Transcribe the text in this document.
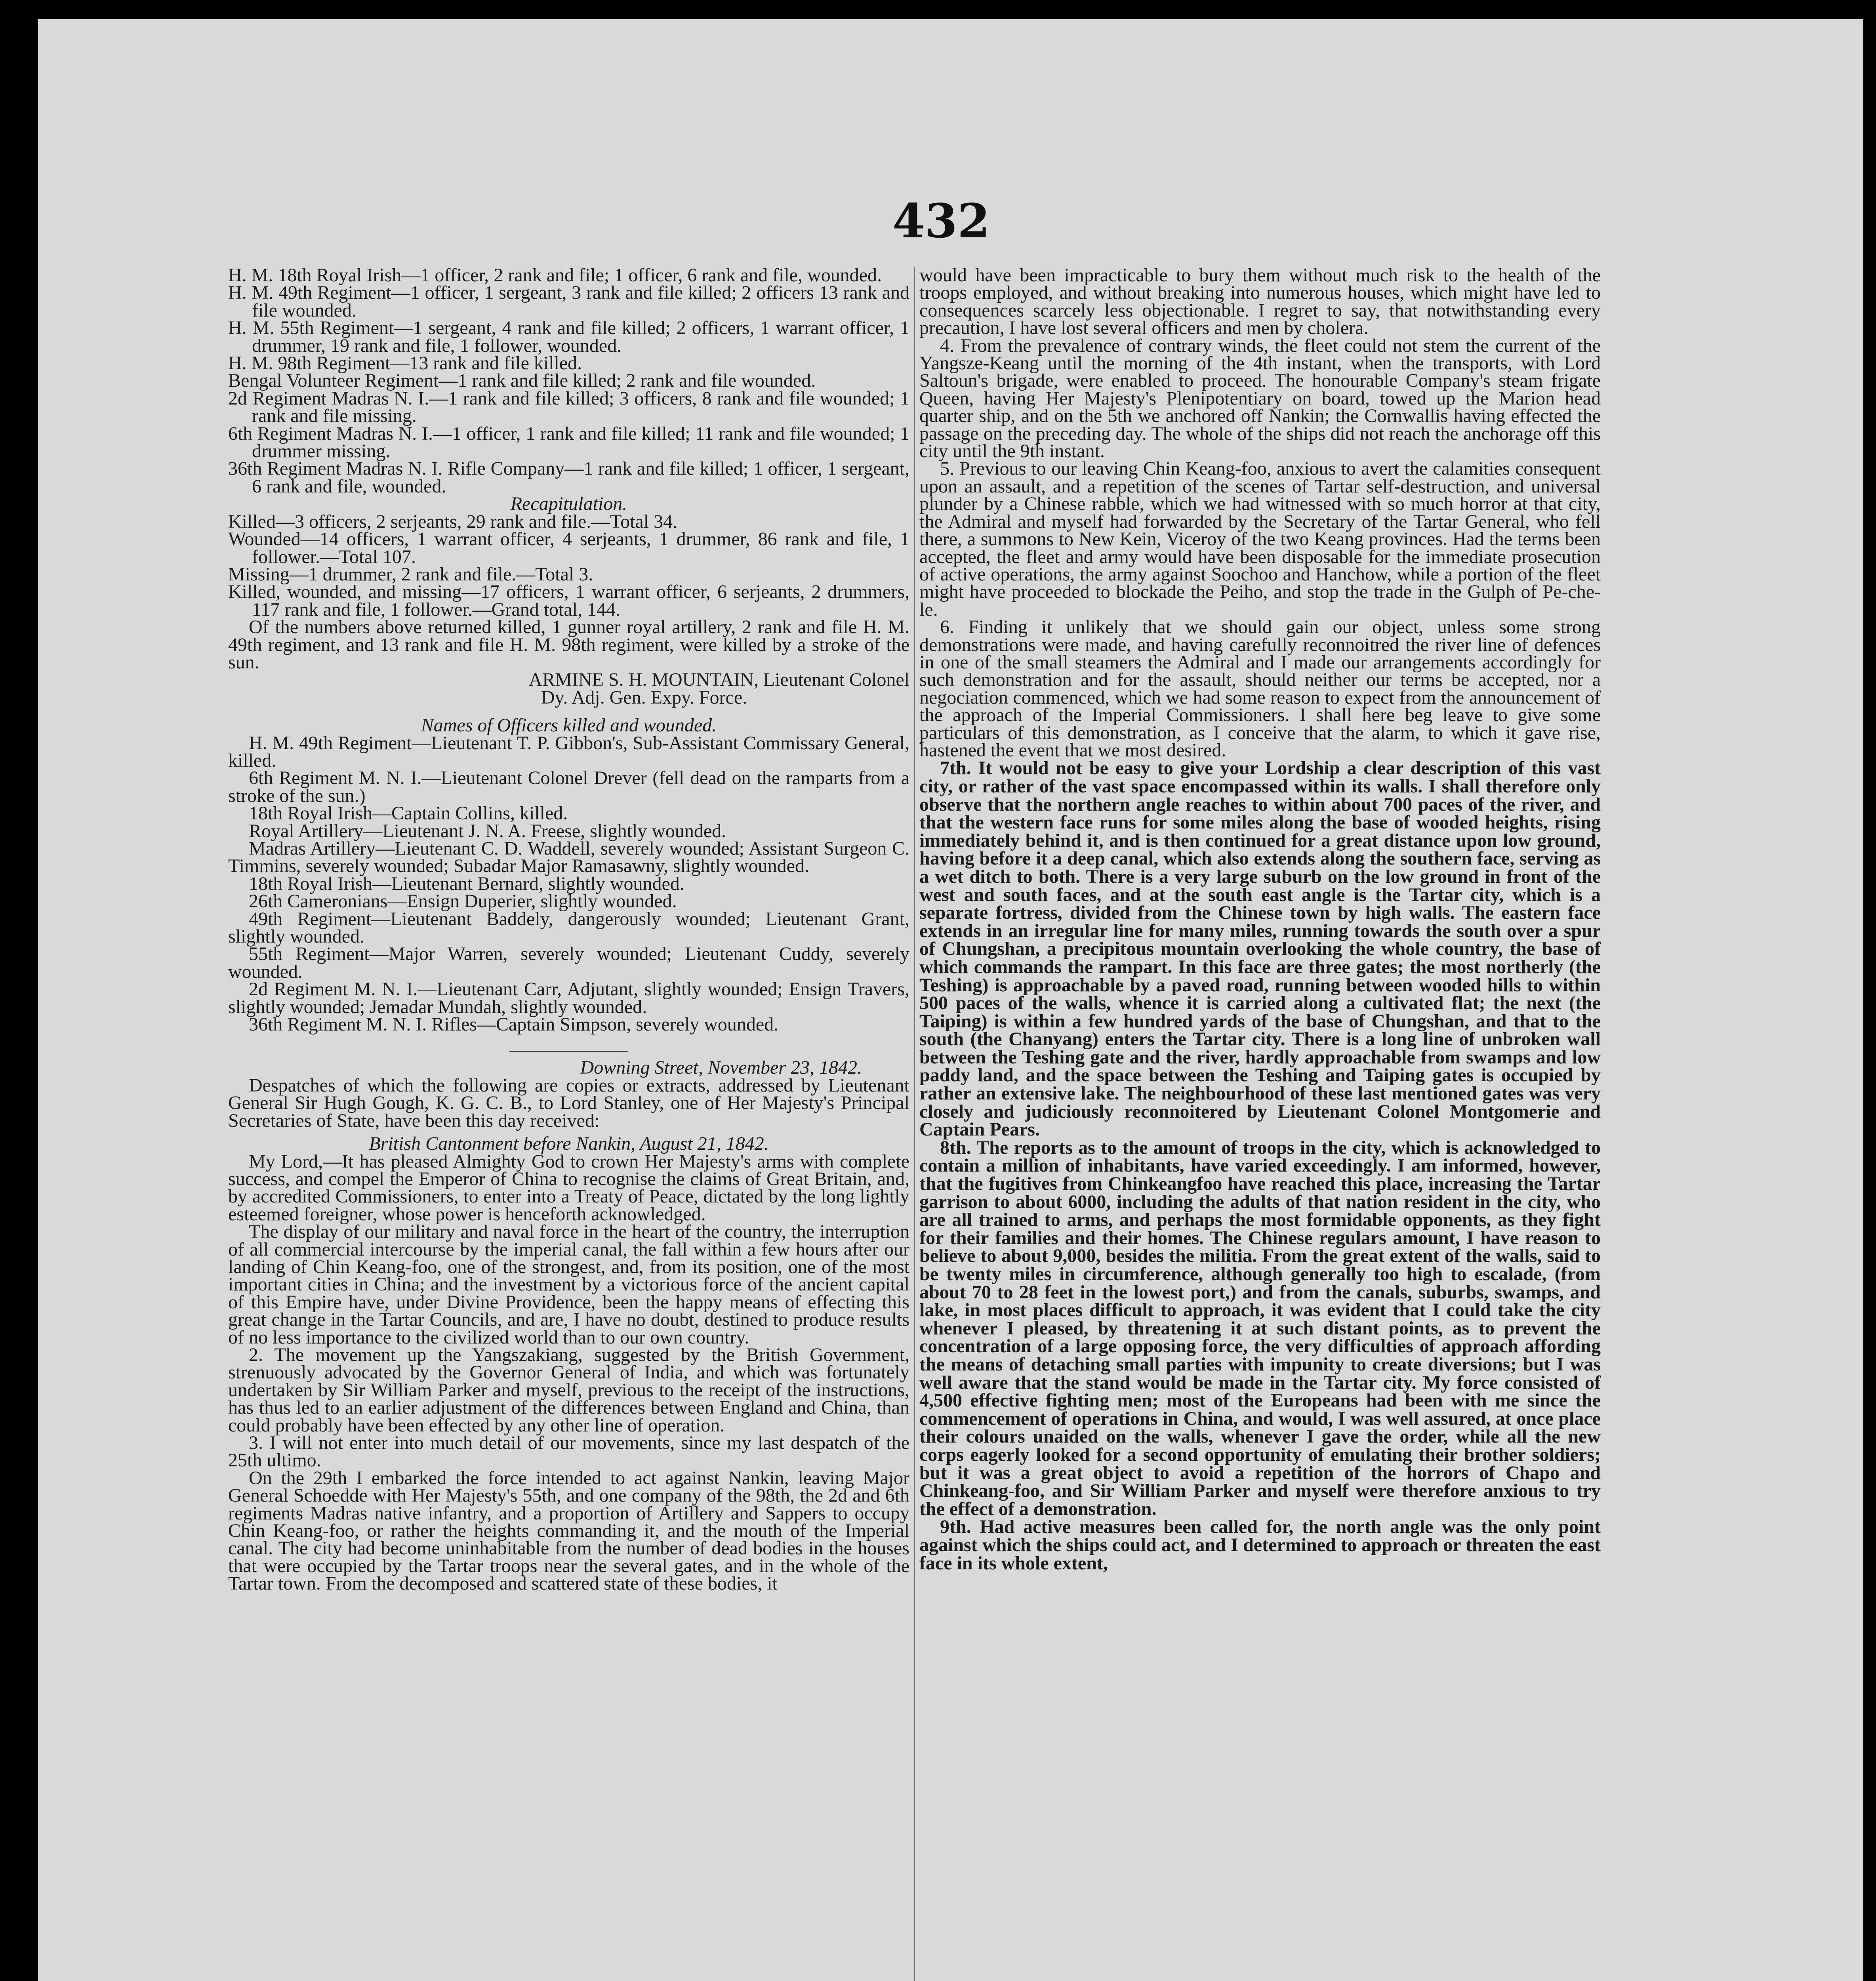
432

H. M. 18th Royal Irish—1 officer, 2 rank and file; 1 officer, 6 rank and file, wounded.

H. M. 49th Regiment—1 officer, 1 sergeant, 3 rank and file killed; 2 officers 13 rank and file wounded.

H. M. 55th Regiment—1 sergeant, 4 rank and file killed; 2 officers, 1 warrant officer, 1 drummer, 19 rank and file, 1 follower, wounded.

H. M. 98th Regiment—13 rank and file killed.

Bengal Volunteer Regiment—1 rank and file killed; 2 rank and file wounded.

2d Regiment Madras N. I.—1 rank and file killed; 3 officers, 8 rank and file wounded; 1 rank and file missing.

6th Regiment Madras N. I.—1 officer, 1 rank and file killed; 11 rank and file wounded; 1 drummer missing.

36th Regiment Madras N. I. Rifle Company—1 rank and file killed; 1 officer, 1 sergeant, 6 rank and file, wounded.

Recapitulation.

Killed—3 officers, 2 serjeants, 29 rank and file.—Total 34.

Wounded—14 officers, 1 warrant officer, 4 serjeants, 1 drummer, 86 rank and file, 1 follower.—Total 107.

Missing—1 drummer, 2 rank and file.—Total 3.

Killed, wounded, and missing—17 officers, 1 warrant officer, 6 serjeants, 2 drummers, 117 rank and file, 1 follower.—Grand total, 144.

Of the numbers above returned killed, 1 gunner royal artillery, 2 rank and file H. M. 49th regiment, and 13 rank and file H. M. 98th regiment, were killed by a stroke of the sun.

ARMINE S. H. MOUNTAIN, Lieutenant Colonel

Dy. Adj. Gen. Expy. Force.

Names of Officers killed and wounded.

H. M. 49th Regiment—Lieutenant T. P. Gibbon's, Sub-Assistant Commissary General, killed.

6th Regiment M. N. I.—Lieutenant Colonel Drever (fell dead on the ramparts from a stroke of the sun.)

18th Royal Irish—Captain Collins, killed.

Royal Artillery—Lieutenant J. N. A. Freese, slightly wounded.

Madras Artillery—Lieutenant C. D. Waddell, severely wounded; Assistant Surgeon C. Timmins, severely wounded; Subadar Major Ramasawny, slightly wounded.

18th Royal Irish—Lieutenant Bernard, slightly wounded.

26th Cameronians—Ensign Duperier, slightly wounded.

49th Regiment—Lieutenant Baddely, dangerously wounded; Lieutenant Grant, slightly wounded.

55th Regiment—Major Warren, severely wounded; Lieutenant Cuddy, severely wounded.

2d Regiment M. N. I.—Lieutenant Carr, Adjutant, slightly wounded; Ensign Travers, slightly wounded; Jemadar Mundah, slightly wounded.

36th Regiment M. N. I. Rifles—Captain Simpson, severely wounded.

Downing Street, November 23, 1842.

Despatches of which the following are copies or extracts, addressed by Lieutenant General Sir Hugh Gough, K. G. C. B., to Lord Stanley, one of Her Majesty's Principal Secretaries of State, have been this day received:

British Cantonment before Nankin, August 21, 1842.

My Lord,—It has pleased Almighty God to crown Her Majesty's arms with complete success, and compel the Emperor of China to recognise the claims of Great Britain, and, by accredited Commissioners, to enter into a Treaty of Peace, dictated by the long lightly esteemed foreigner, whose power is henceforth acknowledged.

The display of our military and naval force in the heart of the country, the interruption of all commercial intercourse by the imperial canal, the fall within a few hours after our landing of Chin Keang-foo, one of the strongest, and, from its position, one of the most important cities in China; and the investment by a victorious force of the ancient capital of this Empire have, under Divine Providence, been the happy means of effecting this great change in the Tartar Councils, and are, I have no doubt, destined to produce results of no less importance to the civilized world than to our own country.

2. The movement up the Yangszakiang, suggested by the British Government, strenuously advocated by the Governor General of India, and which was fortunately undertaken by Sir William Parker and myself, previous to the receipt of the instructions, has thus led to an earlier adjustment of the differences between England and China, than could probably have been effected by any other line of operation.

3. I will not enter into much detail of our movements, since my last despatch of the 25th ultimo.

On the 29th I embarked the force intended to act against Nankin, leaving Major General Schoedde with Her Majesty's 55th, and one company of the 98th, the 2d and 6th regiments Madras native infantry, and a proportion of Artillery and Sappers to occupy Chin Keang-foo, or rather the heights commanding it, and the mouth of the Imperial canal. The city had become uninhabitable from the number of dead bodies in the houses that were occupied by the Tartar troops near the several gates, and in the whole of the Tartar town. From the decomposed and scattered state of these bodies, it

would have been impracticable to bury them without much risk to the health of the troops employed, and without breaking into numerous houses, which might have led to consequences scarcely less objectionable. I regret to say, that notwithstanding every precaution, I have lost several officers and men by cholera.

4. From the prevalence of contrary winds, the fleet could not stem the current of the Yangsze-Keang until the morning of the 4th instant, when the transports, with Lord Saltoun's brigade, were enabled to proceed. The honourable Company's steam frigate Queen, having Her Majesty's Plenipotentiary on board, towed up the Marion head quarter ship, and on the 5th we anchored off Nankin; the Cornwallis having effected the passage on the preceding day. The whole of the ships did not reach the anchorage off this city until the 9th instant.

5. Previous to our leaving Chin Keang-foo, anxious to avert the calamities consequent upon an assault, and a repetition of the scenes of Tartar self-destruction, and universal plunder by a Chinese rabble, which we had witnessed with so much horror at that city, the Admiral and myself had forwarded by the Secretary of the Tartar General, who fell there, a summons to New Kein, Viceroy of the two Keang provinces. Had the terms been accepted, the fleet and army would have been disposable for the immediate prosecution of active operations, the army against Soochoo and Hanchow, while a portion of the fleet might have proceeded to blockade the Peiho, and stop the trade in the Gulph of Pe-che-le.

6. Finding it unlikely that we should gain our object, unless some strong demonstrations were made, and having carefully reconnoitred the river line of defences in one of the small steamers the Admiral and I made our arrangements accordingly for such demonstration and for the assault, should neither our terms be accepted, nor a negociation commenced, which we had some reason to expect from the announcement of the approach of the Imperial Commissioners. I shall here beg leave to give some particulars of this demonstration, as I conceive that the alarm, to which it gave rise, hastened the event that we most desired.

7th. It would not be easy to give your Lordship a clear description of this vast city, or rather of the vast space encompassed within its walls. I shall therefore only observe that the northern angle reaches to within about 700 paces of the river, and that the western face runs for some miles along the base of wooded heights, rising immediately behind it, and is then continued for a great distance upon low ground, having before it a deep canal, which also extends along the southern face, serving as a wet ditch to both. There is a very large suburb on the low ground in front of the west and south faces, and at the south east angle is the Tartar city, which is a separate fortress, divided from the Chinese town by high walls. The eastern face extends in an irregular line for many miles, running towards the south over a spur of Chungshan, a precipitous mountain overlooking the whole country, the base of which commands the rampart. In this face are three gates; the most northerly (the Teshing) is approachable by a paved road, running between wooded hills to within 500 paces of the walls, whence it is carried along a cultivated flat; the next (the Taiping) is within a few hundred yards of the base of Chungshan, and that to the south (the Chanyang) enters the Tartar city. There is a long line of unbroken wall between the Teshing gate and the river, hardly approachable from swamps and low paddy land, and the space between the Teshing and Taiping gates is occupied by rather an extensive lake. The neighbourhood of these last mentioned gates was very closely and judiciously reconnoitered by Lieutenant Colonel Montgomerie and Captain Pears.

8th. The reports as to the amount of troops in the city, which is acknowledged to contain a million of inhabitants, have varied exceedingly. I am informed, however, that the fugitives from Chinkeangfoo have reached this place, increasing the Tartar garrison to about 6000, including the adults of that nation resident in the city, who are all trained to arms, and perhaps the most formidable opponents, as they fight for their families and their homes. The Chinese regulars amount, I have reason to believe to about 9,000, besides the militia. From the great extent of the walls, said to be twenty miles in circumference, although generally too high to escalade, (from about 70 to 28 feet in the lowest port,) and from the canals, suburbs, swamps, and lake, in most places difficult to approach, it was evident that I could take the city whenever I pleased, by threatening it at such distant points, as to prevent the concentration of a large opposing force, the very difficulties of approach affording the means of detaching small parties with impunity to create diversions; but I was well aware that the stand would be made in the Tartar city. My force consisted of 4,500 effective fighting men; most of the Europeans had been with me since the commencement of operations in China, and would, I was well assured, at once place their colours unaided on the walls, whenever I gave the order, while all the new corps eagerly looked for a second opportunity of emulating their brother soldiers; but it was a great object to avoid a repetition of the horrors of Chapo and Chinkeang-foo, and Sir William Parker and myself were therefore anxious to try the effect of a demonstration.

9th. Had active measures been called for, the north angle was the only point against which the ships could act, and I determined to approach or threaten the east face in its whole extent,
